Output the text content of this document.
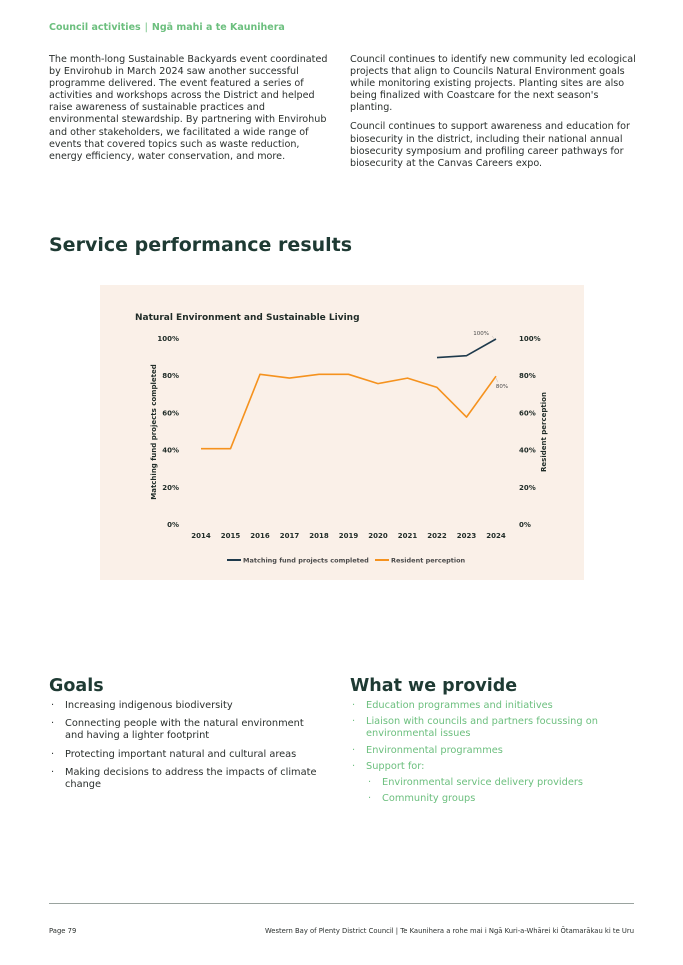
Council activities | Ngā mahi a te Kaunihera

The month-long Sustainable Backyards event coordinated by Envirohub in March 2024 saw another successful programme delivered. The event featured a series of activities and workshops across the District and helped raise awareness of sustainable practices and environmental stewardship. By partnering with Envirohub and other stakeholders, we facilitated a wide range of events that covered topics such as waste reduction, energy efficiency, water conservation, and more.

Council continues to identify new community led ecological projects that align to Councils Natural Environment goals while monitoring existing projects. Planting sites are also being finalized with Coastcare for the next season's planting.

Council continues to support awareness and education for biosecurity in the district, including their national annual biosecurity symposium and profiling career pathways for biosecurity at the Canvas Careers expo.

Service performance results
Natural Environment and Sustainable Living
0%	0%
20%	20%
40%	40%
60%	60%
80%	80%
100%	100%
2014 2015 2016 2017 2018 2019 2020 2021 2022 2023 2024
Matching fund projects completed	Resident perception
100%
80%
Matching fund projects completed	Resident perception
Goals
· Increasing indigenous biodiversity
· Connecting people with the natural environment and having a lighter footprint
· Protecting important natural and cultural areas
· Making decisions to address the impacts of climate change
What we provide
· Education programmes and initiatives
· Liaison with councils and partners focussing on environmental issues
· Environmental programmes
· Support for:
· Environmental service delivery providers
· Community groups
Page 79	Western Bay of Plenty District Council | Te Kaunihera a rohe mai i Ngā Kuri-a-Whārei ki Ōtamarākau ki te Uru
